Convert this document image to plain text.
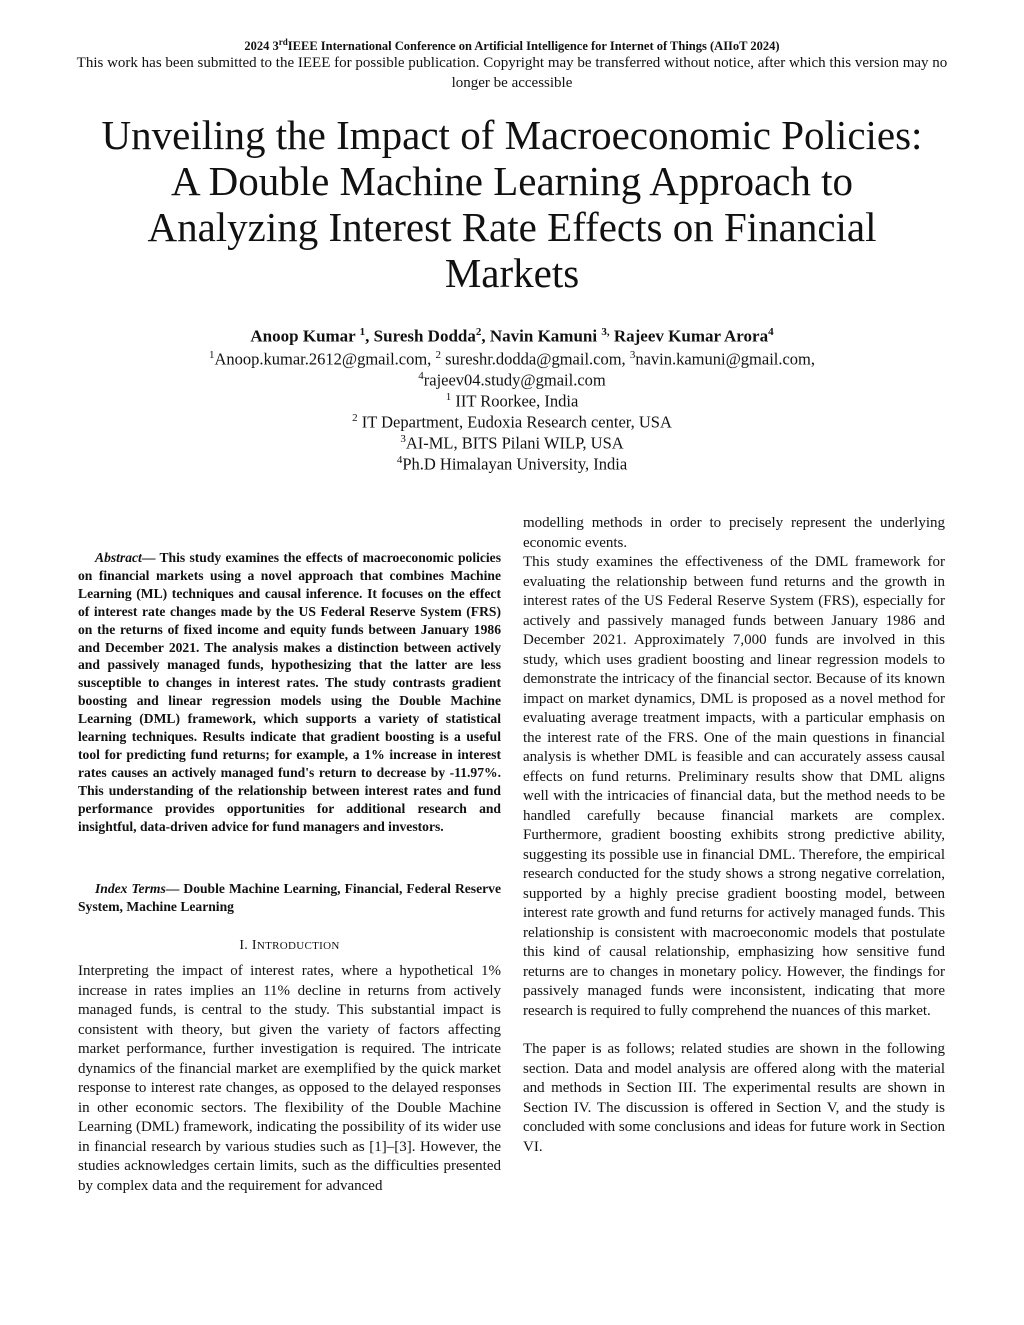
2024 3rdIEEE International Conference on Artificial Intelligence for Internet of Things (AIIoT 2024)
This work has been submitted to the IEEE for possible publication. Copyright may be transferred without notice, after which this version may no longer be accessible
Unveiling the Impact of Macroeconomic Policies: A Double Machine Learning Approach to Analyzing Interest Rate Effects on Financial Markets
Anoop Kumar $^1$, Suresh Dodda$^2$, Navin Kamuni $^{3,}$ Rajeev Kumar Arora$^4$
$^1$Anoop.kumar.2612@gmail.com, $^2$ sureshr.dodda@gmail.com, $^3$navin.kamuni@gmail.com,
$^4$rajeev04.study@gmail.com
$^1$ IIT Roorkee, India
$^2$ IT Department, Eudoxia Research center, USA
$^3$AI-ML, BITS Pilani WILP, USA
$^4$Ph.D Himalayan University, India

Abstract— This study examines the effects of macroeconomic policies on financial markets using a novel approach that combines Machine Learning (ML) techniques and causal inference. It focuses on the effect of interest rate changes made by the US Federal Reserve System (FRS) on the returns of fixed income and equity funds between January 1986 and December 2021. The analysis makes a distinction between actively and passively managed funds, hypothesizing that the latter are less susceptible to changes in interest rates. The study contrasts gradient boosting and linear regression models using the Double Machine Learning (DML) framework, which supports a variety of statistical learning techniques. Results indicate that gradient boosting is a useful tool for predicting fund returns; for example, a 1% increase in interest rates causes an actively managed fund's return to decrease by -11.97%. This understanding of the relationship between interest rates and fund performance provides opportunities for additional research and insightful, data-driven advice for fund managers and investors.

Index Terms— Double Machine Learning, Financial, Federal Reserve System, Machine Learning

I. INTRODUCTION

Interpreting the impact of interest rates, where a hypothetical 1% increase in rates implies an 11% decline in returns from actively managed funds, is central to the study. This substantial impact is consistent with theory, but given the variety of factors affecting market performance, further investigation is required. The intricate dynamics of the financial market are exemplified by the quick market response to interest rate changes, as opposed to the delayed responses in other economic sectors. The flexibility of the Double Machine Learning (DML) framework, indicating the possibility of its wider use in financial research by various studies such as [1]–[3]. However, the studies acknowledges certain limits, such as the difficulties presented by complex data and the requirement for advanced

modelling methods in order to precisely represent the underlying economic events.

This study examines the effectiveness of the DML framework for evaluating the relationship between fund returns and the growth in interest rates of the US Federal Reserve System (FRS), especially for actively and passively managed funds between January 1986 and December 2021. Approximately 7,000 funds are involved in this study, which uses gradient boosting and linear regression models to demonstrate the intricacy of the financial sector. Because of its known impact on market dynamics, DML is proposed as a novel method for evaluating average treatment impacts, with a particular emphasis on the interest rate of the FRS. One of the main questions in financial analysis is whether DML is feasible and can accurately assess causal effects on fund returns. Preliminary results show that DML aligns well with the intricacies of financial data, but the method needs to be handled carefully because financial markets are complex. Furthermore, gradient boosting exhibits strong predictive ability, suggesting its possible use in financial DML. Therefore, the empirical research conducted for the study shows a strong negative correlation, supported by a highly precise gradient boosting model, between interest rate growth and fund returns for actively managed funds. This relationship is consistent with macroeconomic models that postulate this kind of causal relationship, emphasizing how sensitive fund returns are to changes in monetary policy. However, the findings for passively managed funds were inconsistent, indicating that more research is required to fully comprehend the nuances of this market.

The paper is as follows; related studies are shown in the following section. Data and model analysis are offered along with the material and methods in Section III. The experimental results are shown in Section IV. The discussion is offered in Section V, and the study is concluded with some conclusions and ideas for future work in Section VI.
